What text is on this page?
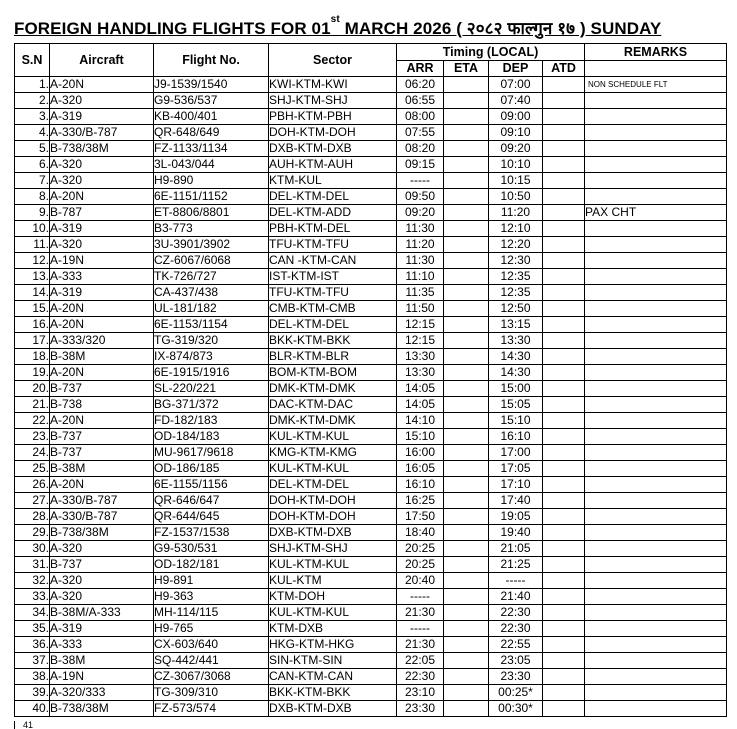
FOREIGN HANDLING FLIGHTS FOR 01st MARCH 2026 ( २०८२ फाल्गुन १७ ) SUNDAY
S.N	Aircraft	Flight No.	Sector	Timing (LOCAL)				REMARKS
				ARR	ETA	DEP	ATD	
1.	A-20N	J9-1539/1540	KWI-KTM-KWI	06:20		07:00		NON SCHEDULE FLT
2.	A-320	G9-536/537	SHJ-KTM-SHJ	06:55		07:40		
3.	A-319	KB-400/401	PBH-KTM-PBH	08:00		09:00		
4.	A-330/B-787	QR-648/649	DOH-KTM-DOH	07:55		09:10		
5.	B-738/38M	FZ-1133/1134	DXB-KTM-DXB	08:20		09:20		
6.	A-320	3L-043/044	AUH-KTM-AUH	09:15		10:10		
7.	A-320	H9-890	KTM-KUL	-----		10:15		
8.	A-20N	6E-1151/1152	DEL-KTM-DEL	09:50		10:50		
9.	B-787	ET-8806/8801	DEL-KTM-ADD	09:20		11:20		PAX CHT
10.	A-319	B3-773	PBH-KTM-DEL	11:30		12:10		
11.	A-320	3U-3901/3902	TFU-KTM-TFU	11:20		12:20		
12.	A-19N	CZ-6067/6068	CAN -KTM-CAN	11:30		12:30		
13.	A-333	TK-726/727	IST-KTM-IST	11:10		12:35		
14.	A-319	CA-437/438	TFU-KTM-TFU	11:35		12:35		
15.	A-20N	UL-181/182	CMB-KTM-CMB	11:50		12:50		
16.	A-20N	6E-1153/1154	DEL-KTM-DEL	12:15		13:15		
17.	A-333/320	TG-319/320	BKK-KTM-BKK	12:15		13:30		
18.	B-38M	IX-874/873	BLR-KTM-BLR	13:30		14:30		
19.	A-20N	6E-1915/1916	BOM-KTM-BOM	13:30		14:30		
20.	B-737	SL-220/221	DMK-KTM-DMK	14:05		15:00		
21.	B-738	BG-371/372	DAC-KTM-DAC	14:05		15:05		
22.	A-20N	FD-182/183	DMK-KTM-DMK	14:10		15:10		
23.	B-737	OD-184/183	KUL-KTM-KUL	15:10		16:10		
24.	B-737	MU-9617/9618	KMG-KTM-KMG	16:00		17:00		
25.	B-38M	OD-186/185	KUL-KTM-KUL	16:05		17:05		
26.	A-20N	6E-1155/1156	DEL-KTM-DEL	16:10		17:10		
27.	A-330/B-787	QR-646/647	DOH-KTM-DOH	16:25		17:40		
28.	A-330/B-787	QR-644/645	DOH-KTM-DOH	17:50		19:05		
29.	B-738/38M	FZ-1537/1538	DXB-KTM-DXB	18:40		19:40		
30.	A-320	G9-530/531	SHJ-KTM-SHJ	20:25		21:05		
31.	B-737	OD-182/181	KUL-KTM-KUL	20:25		21:25		
32.	A-320	H9-891	KUL-KTM	20:40		-----		
33.	A-320	H9-363	KTM-DOH	-----		21:40		
34.	B-38M/A-333	MH-114/115	KUL-KTM-KUL	21:30		22:30		
35.	A-319	H9-765	KTM-DXB	-----		22:30		
36.	A-333	CX-603/640	HKG-KTM-HKG	21:30		22:55		
37.	B-38M	SQ-442/441	SIN-KTM-SIN	22:05		23:05		
38.	A-19N	CZ-3067/3068	CAN-KTM-CAN	22:30		23:30		
39.	A-320/333	TG-309/310	BKK-KTM-BKK	23:10		00:25*		
40.	B-738/38M	FZ-573/574	DXB-KTM-DXB	23:30		00:30*		
41
